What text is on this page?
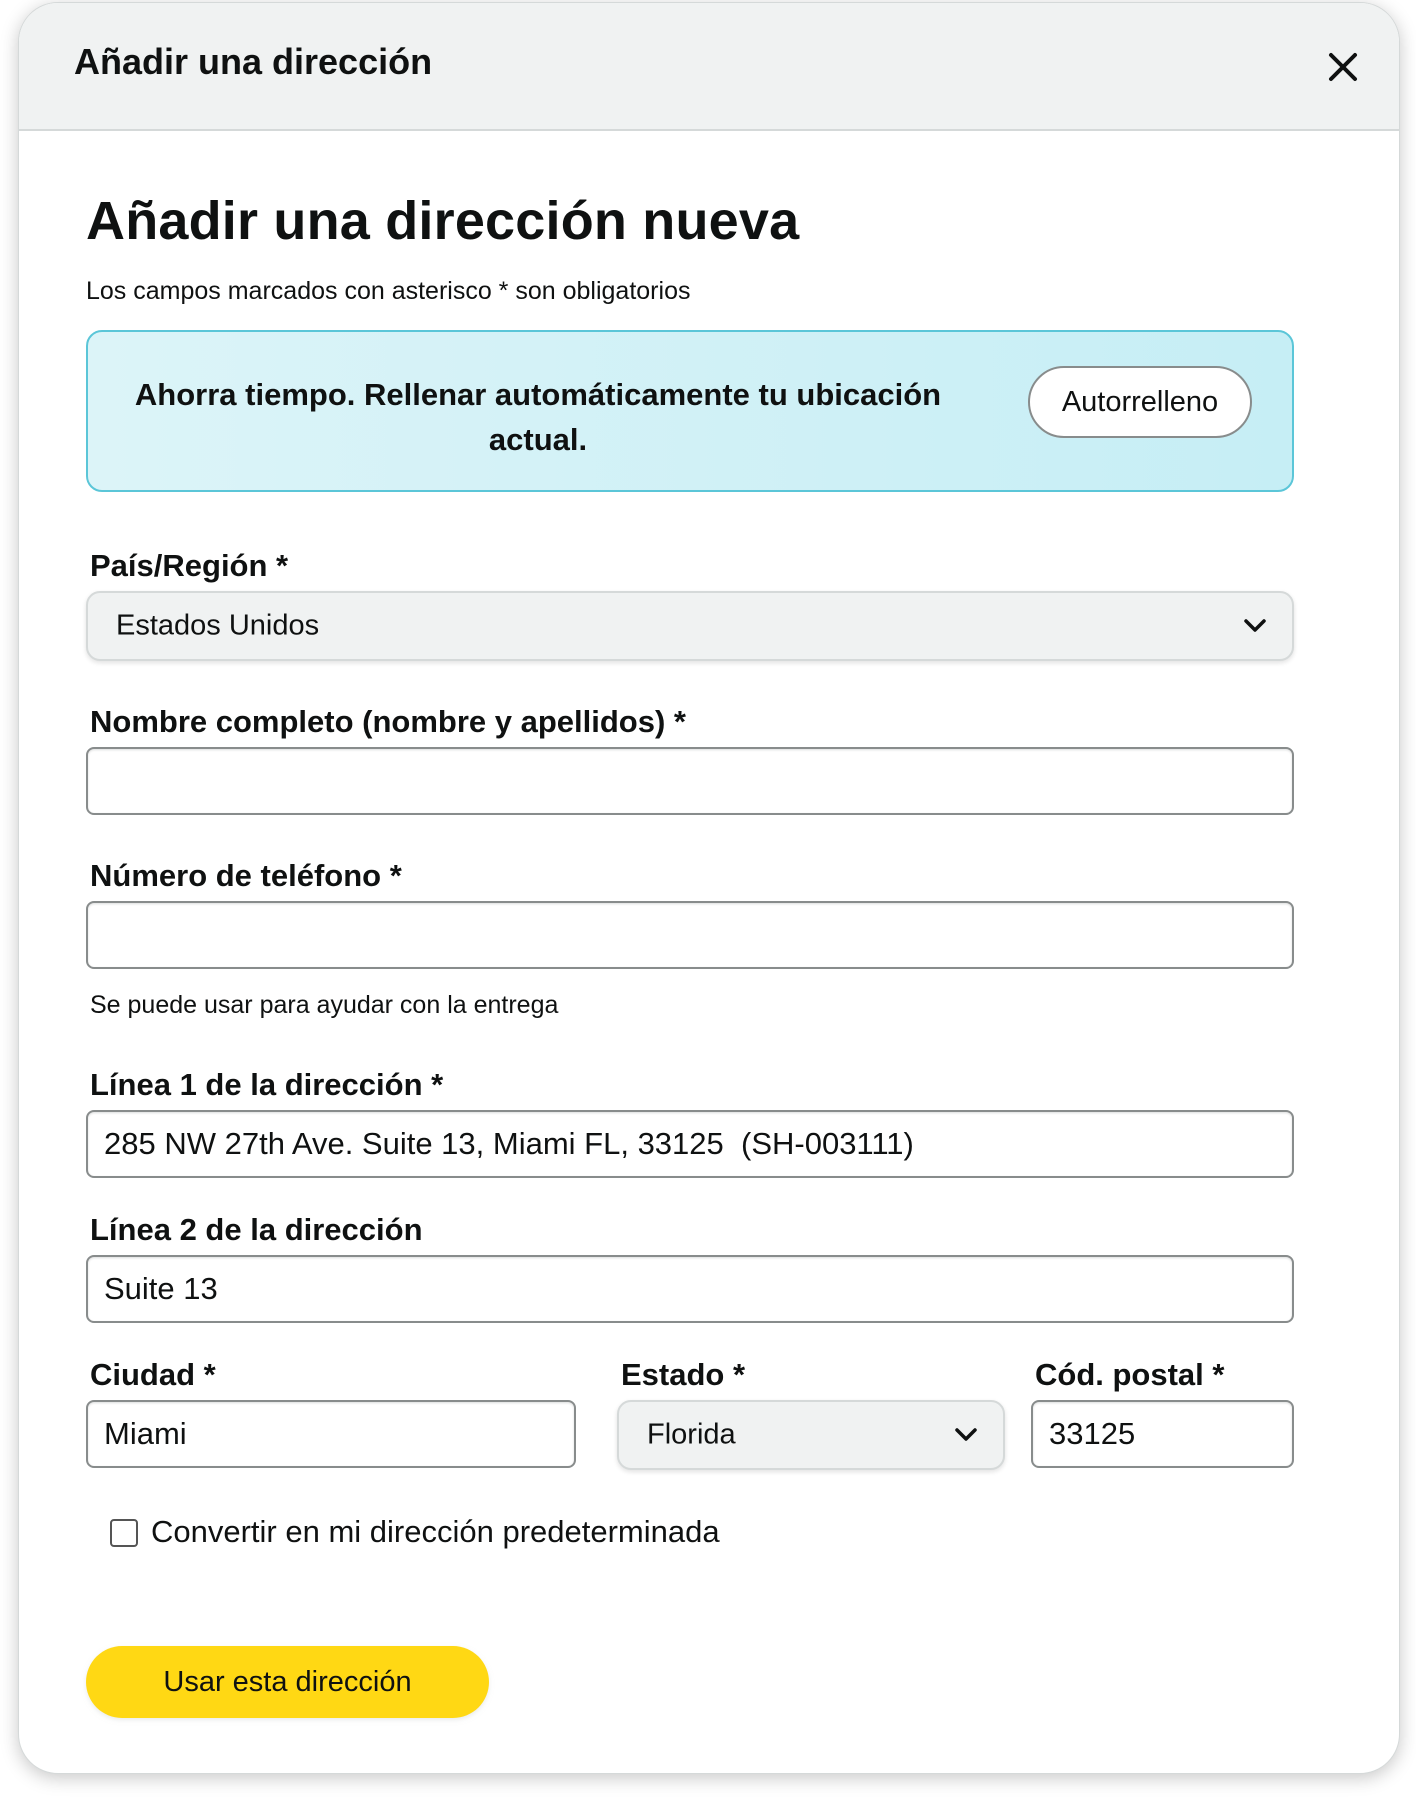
Añadir una dirección
Añadir una dirección nueva
Los campos marcados con asterisco * son obligatorios
Ahorra tiempo. Rellenar automáticamente tu ubicación actual.
Autorrelleno
País/Región *
Estados Unidos
Nombre completo (nombre y apellidos) *
Número de teléfono *
Se puede usar para ayudar con la entrega
Línea 1 de la dirección *
285 NW 27th Ave. Suite 13, Miami FL, 33125 (SH-003111)
Línea 2 de la dirección
Suite 13
Ciudad *
Miami	Estado *
Florida
Cód. postal *
33125
Convertir en mi dirección predeterminada
Usar esta dirección
